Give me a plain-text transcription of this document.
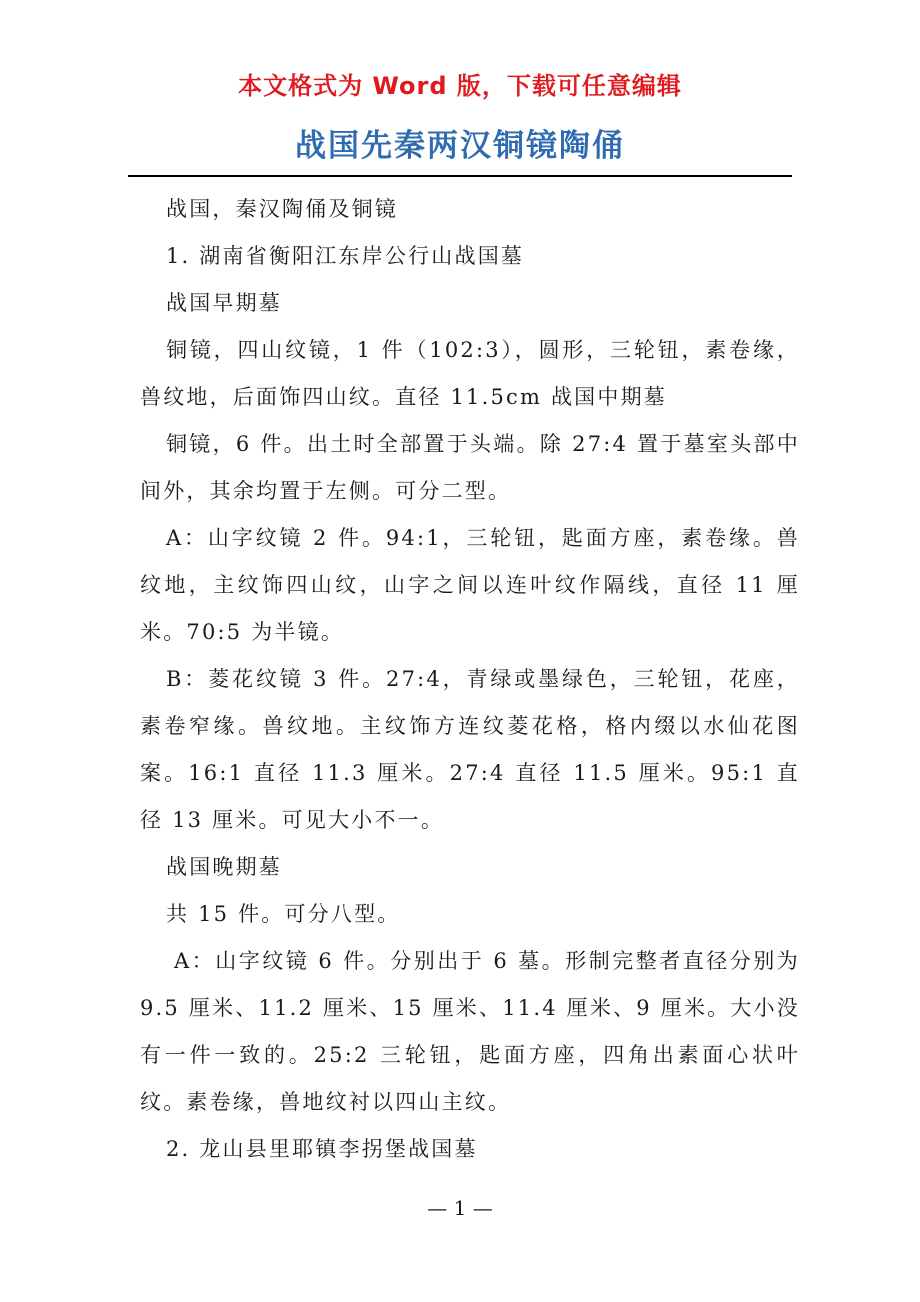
本文格式为 Word 版，下载可任意编辑
战国先秦两汉铜镜陶俑

战国，秦汉陶俑及铜镜

1. 湖南省衡阳江东岸公行山战国墓

战国早期墓

铜镜，四山纹镜，1 件（102:3），圆形，三轮钮，素卷缘，兽纹地，后面饰四山纹。直径 11.5cm 战国中期墓

铜镜，6 件。出土时全部置于头端。除 27:4 置于墓室头部中间外，其余均置于左侧。可分二型。

A：山字纹镜 2 件。94:1，三轮钮，匙面方座，素卷缘。兽纹地，主纹饰四山纹，山字之间以连叶纹作隔线，直径 11 厘米。70:5 为半镜。

B：菱花纹镜 3 件。27:4，青绿或墨绿色，三轮钮，花座，素卷窄缘。兽纹地。主纹饰方连纹菱花格，格内缀以水仙花图案。16:1 直径 11.3 厘米。27:4 直径 11.5 厘米。95:1 直径 13 厘米。可见大小不一。

战国晚期墓

共 15 件。可分八型。

A：山字纹镜 6 件。分别出于 6 墓。形制完整者直径分别为 9.5 厘米、11.2 厘米、15 厘米、11.4 厘米、9 厘米。大小没有一件一致的。25:2 三轮钮，匙面方座，四角出素面心状叶纹。素卷缘，兽地纹衬以四山主纹。

2. 龙山县里耶镇李拐堡战国墓

— 1 —
